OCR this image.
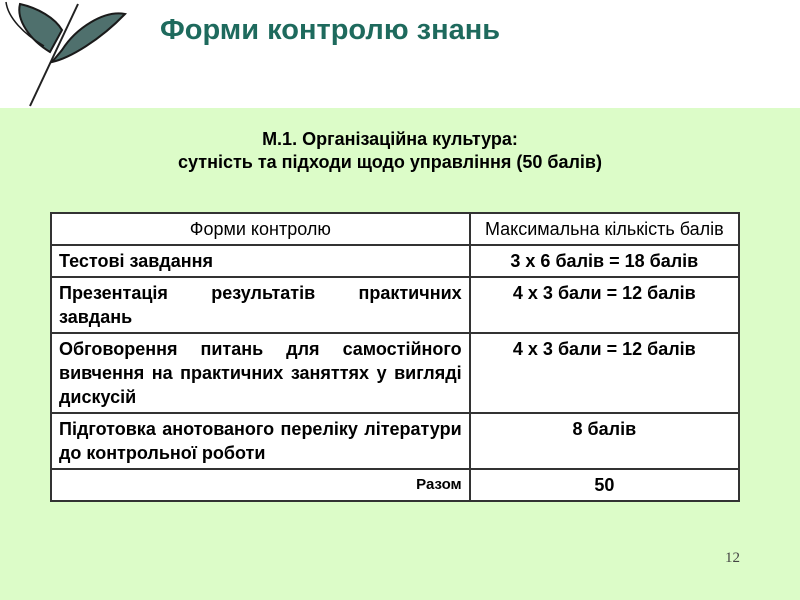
Форми контролю знань
М.1. Організаційна культура:
сутність та підходи щодо управління (50 балів)
Форми контролю	Максимальна кількість балів
Тестові завдання	3 х 6 балів = 18 балів
Презентація результатів практичних завдань	4 х 3 бали = 12 балів
Обговорення питань для самостійного вивчення на практичних заняттях у вигляді дискусій	4 х 3 бали = 12 балів
Підготовка анотованого переліку літератури до контрольної роботи	8 балів
Разом	50
12
